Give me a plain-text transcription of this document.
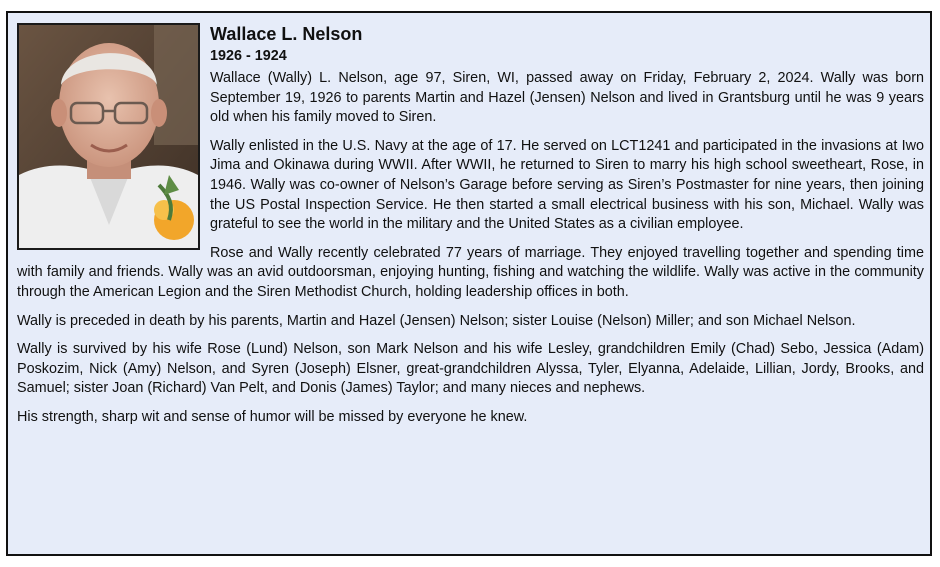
Wallace L. Nelson
1926 - 1924

Wallace (Wally) L. Nelson, age 97, Siren, WI, passed away on Friday, February 2, 2024. Wally was born September 19, 1926 to parents Martin and Hazel (Jensen) Nelson and lived in Grantsburg until he was 9 years old when his family moved to Siren.

Wally enlisted in the U.S. Navy at the age of 17. He served on LCT1241 and participated in the invasions at Iwo Jima and Okinawa during WWII. After WWII, he returned to Siren to marry his high school sweetheart, Rose, in 1946. Wally was co-owner of Nelson’s Garage before serving as Siren’s Postmaster for nine years, then joining the US Postal Inspection Service. He then started a small electrical business with his son, Michael. Wally was grateful to see the world in the military and the United States as a civilian employee.

Rose and Wally recently celebrated 77 years of marriage. They enjoyed travelling together and spending time with family and friends. Wally was an avid outdoorsman, enjoying hunting, fishing and watching the wildlife. Wally was active in the community through the American Legion and the Siren Methodist Church, holding leadership offices in both.

Wally is preceded in death by his parents, Martin and Hazel (Jensen) Nelson; sister Louise (Nelson) Miller; and son Michael Nelson.

Wally is survived by his wife Rose (Lund) Nelson, son Mark Nelson and his wife Lesley, grandchildren Emily (Chad) Sebo, Jessica (Adam) Poskozim, Nick (Amy) Nelson, and Syren (Joseph) Elsner, great-grandchildren Alyssa, Tyler, Elyanna, Adelaide, Lillian, Jordy, Brooks, and Samuel; sister Joan (Richard) Van Pelt, and Donis (James) Taylor; and many nieces and nephews.

His strength, sharp wit and sense of humor will be missed by everyone he knew.
